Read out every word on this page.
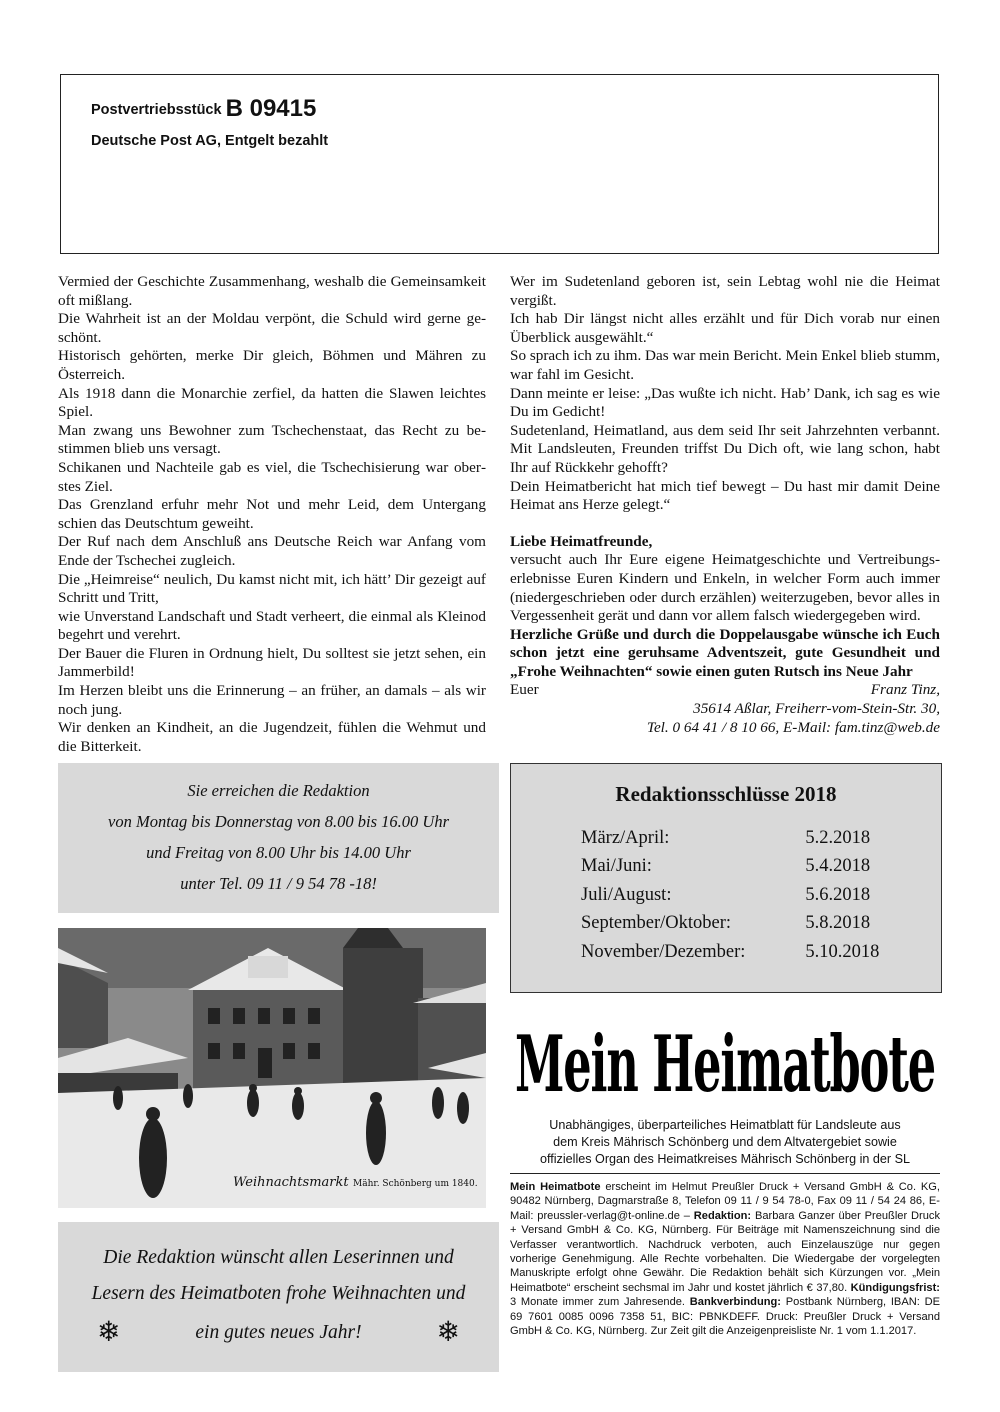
Postvertriebsstück B 09415
Deutsche Post AG, Entgelt bezahlt

Vermied der Geschichte Zusammenhang, weshalb die Gemeinsamkeit oft mißlang.

Die Wahrheit ist an der Moldau verpönt, die Schuld wird gerne geschönt.

Historisch gehörten, merke Dir gleich, Böhmen und Mähren zu Österreich.

Als 1918 dann die Monarchie zerfiel, da hatten die Slawen leichtes Spiel.

Man zwang uns Bewohner zum Tschechenstaat, das Recht zu bestimmen blieb uns versagt.

Schikanen und Nachteile gab es viel, die Tschechisierung war oberstes Ziel.

Das Grenzland erfuhr mehr Not und mehr Leid, dem Untergang schien das Deutschtum geweiht.

Der Ruf nach dem Anschluß ans Deutsche Reich war Anfang vom Ende der Tschechei zugleich.

Die „Heimreise“ neulich, Du kamst nicht mit, ich hätt’ Dir gezeigt auf Schritt und Tritt,

wie Unverstand Landschaft und Stadt verheert, die einmal als Kleinod begehrt und verehrt.

Der Bauer die Fluren in Ordnung hielt, Du solltest sie jetzt sehen, ein Jammerbild!

Im Herzen bleibt uns die Erinnerung – an früher, an damals – als wir noch jung.

Wir denken an Kindheit, an die Jugendzeit, fühlen die Wehmut und die Bitterkeit.

Wer im Sudetenland geboren ist, sein Lebtag wohl nie die Heimat vergißt.

Ich hab Dir längst nicht alles erzählt und für Dich vorab nur einen Überblick ausgewählt.“

So sprach ich zu ihm. Das war mein Bericht. Mein Enkel blieb stumm, war fahl im Gesicht.

Dann meinte er leise: „Das wußte ich nicht. Hab’ Dank, ich sag es wie Du im Gedicht!

Sudetenland, Heimatland, aus dem seid Ihr seit Jahrzehnten verbannt. Mit Landsleuten, Freunden triffst Du Dich oft, wie lang schon, habt Ihr auf Rückkehr gehofft?

Dein Heimatbericht hat mich tief bewegt – Du hast mir damit Deine Heimat ans Herze gelegt.“

Liebe Heimatfreunde,

versucht auch Ihr Eure eigene Heimatgeschichte und Vertreibungserlebnisse Euren Kindern und Enkeln, in welcher Form auch immer (niedergeschrieben oder durch erzählen) weiterzugeben, bevor alles in Vergessenheit gerät und dann vor allem falsch wiedergegeben wird.

Herzliche Grüße und durch die Doppelausgabe wünsche ich Euch schon jetzt eine geruhsame Adventszeit, gute Gesundheit und „Frohe Weihnachten“ sowie einen guten Rutsch ins Neue Jahr

Euer	Franz Tinz,

35614 Aßlar, Freiherr-vom-Stein-Str. 30,

Tel. 0 64 41 / 8 10 66, E-Mail: fam.tinz@web.de

Sie erreichen die Redaktion

von Montag bis Donnerstag von 8.00 bis 16.00 Uhr

und Freitag von 8.00 Uhr bis 14.00 Uhr

unter Tel. 09 11 / 9 54 78 -18!

Redaktionsschlüsse 2018
März/April:	5.2.2018
Mai/Juni:	5.4.2018
Juli/August:	5.6.2018
September/Oktober:	5.8.2018
November/Dezember:	5.10.2018
Weihnachtsmarkt Mähr. Schönberg um 1840.

Die Redaktion wünscht allen Leserinnen und

Lesern des Heimatboten frohe Weihnachten und

❄	ein gutes neues Jahr!	❄

Mein Heimatbote
Unabhängiges, überparteiliches Heimatblatt für Landsleute aus
dem Kreis Mährisch Schönberg und dem Altvatergebiet sowie
offizielles Organ des Heimatkreises Mährisch Schönberg in der SL
Mein Heimatbote erscheint im Helmut Preußler Druck + Versand GmbH & Co. KG, 90482 Nürnberg, Dagmarstraße 8, Telefon 09 11 / 9 54 78-0, Fax 09 11 / 54 24 86, E-Mail: preussler-verlag@t-online.de – Redaktion: Barbara Ganzer über Preußler Druck + Versand GmbH & Co. KG, Nürnberg. Für Beiträge mit Namenszeichnung sind die Verfasser verantwortlich. Nachdruck verboten, auch Einzelauszüge nur gegen vorherige Genehmigung. Alle Rechte vorbehalten. Die Wiedergabe der vorgelegten Manuskripte erfolgt ohne Gewähr. Die Redaktion behält sich Kürzungen vor. „Mein Heimatbote“ erscheint sechsmal im Jahr und kostet jährlich € 37,80. Kündigungsfrist: 3 Monate immer zum Jahresende. Bankverbindung: Postbank Nürnberg, IBAN: DE 69 7601 0085 0096 7358 51, BIC: PBNKDEFF. Druck: Preußler Druck + Versand GmbH & Co. KG, Nürnberg. Zur Zeit gilt die Anzeigenpreisliste Nr. 1 vom 1.1.2017.
